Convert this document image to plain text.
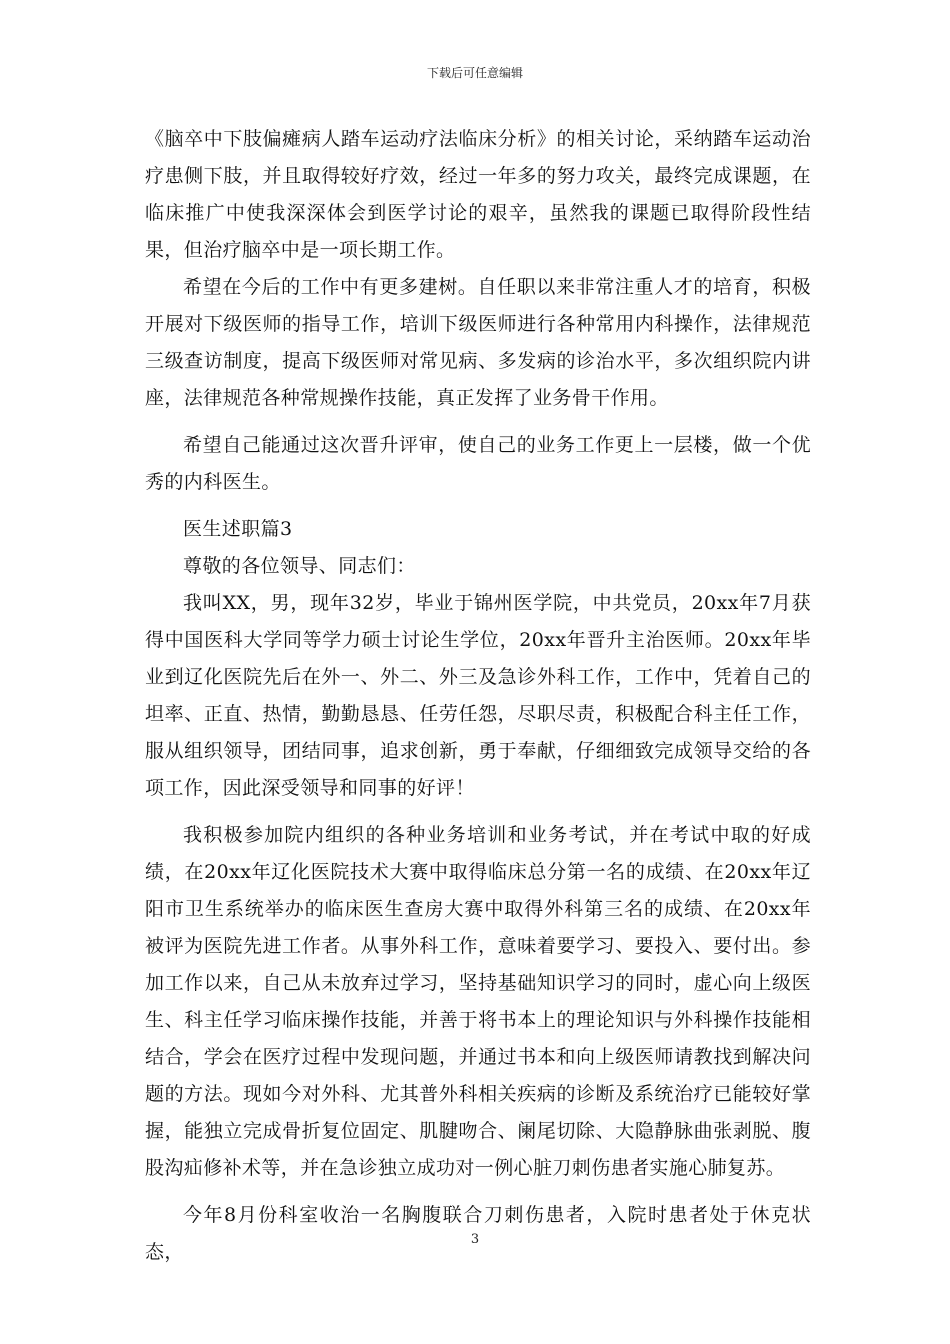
下载后可任意编辑

《脑卒中下肢偏瘫病人踏车运动疗法临床分析》的相关讨论，采纳踏车运动治疗患侧下肢，并且取得较好疗效，经过一年多的努力攻关，最终完成课题，在临床推广中使我深深体会到医学讨论的艰辛，虽然我的课题已取得阶段性结果，但治疗脑卒中是一项长期工作。

希望在今后的工作中有更多建树。自任职以来非常注重人才的培育，积极开展对下级医师的指导工作，培训下级医师进行各种常用内科操作，法律规范三级查访制度，提高下级医师对常见病、多发病的诊治水平，多次组织院内讲座，法律规范各种常规操作技能，真正发挥了业务骨干作用。

希望自己能通过这次晋升评审，使自己的业务工作更上一层楼，做一个优秀的内科医生。

医生述职篇3

尊敬的各位领导、同志们：

我叫XX，男，现年32岁，毕业于锦州医学院，中共党员，20xx年7月获得中国医科大学同等学力硕士讨论生学位，20xx年晋升主治医师。20xx年毕业到辽化医院先后在外一、外二、外三及急诊外科工作，工作中，凭着自己的坦率、正直、热情，勤勤恳恳、任劳任怨，尽职尽责，积极配合科主任工作，服从组织领导，团结同事，追求创新，勇于奉献，仔细细致完成领导交给的各项工作，因此深受领导和同事的好评！

我积极参加院内组织的各种业务培训和业务考试，并在考试中取的好成绩，在20xx年辽化医院技术大赛中取得临床总分第一名的成绩、在20xx年辽阳市卫生系统举办的临床医生查房大赛中取得外科第三名的成绩、在20xx年被评为医院先进工作者。从事外科工作，意味着要学习、要投入、要付出。参加工作以来，自己从未放弃过学习，坚持基础知识学习的同时，虚心向上级医生、科主任学习临床操作技能，并善于将书本上的理论知识与外科操作技能相结合，学会在医疗过程中发现问题，并通过书本和向上级医师请教找到解决问题的方法。现如今对外科、尤其普外科相关疾病的诊断及系统治疗已能较好掌握，能独立完成骨折复位固定、肌腱吻合、阑尾切除、大隐静脉曲张剥脱、腹股沟疝修补术等，并在急诊独立成功对一例心脏刀刺伤患者实施心肺复苏。

今年8月份科室收治一名胸腹联合刀刺伤患者，入院时患者处于休克状态，

3
